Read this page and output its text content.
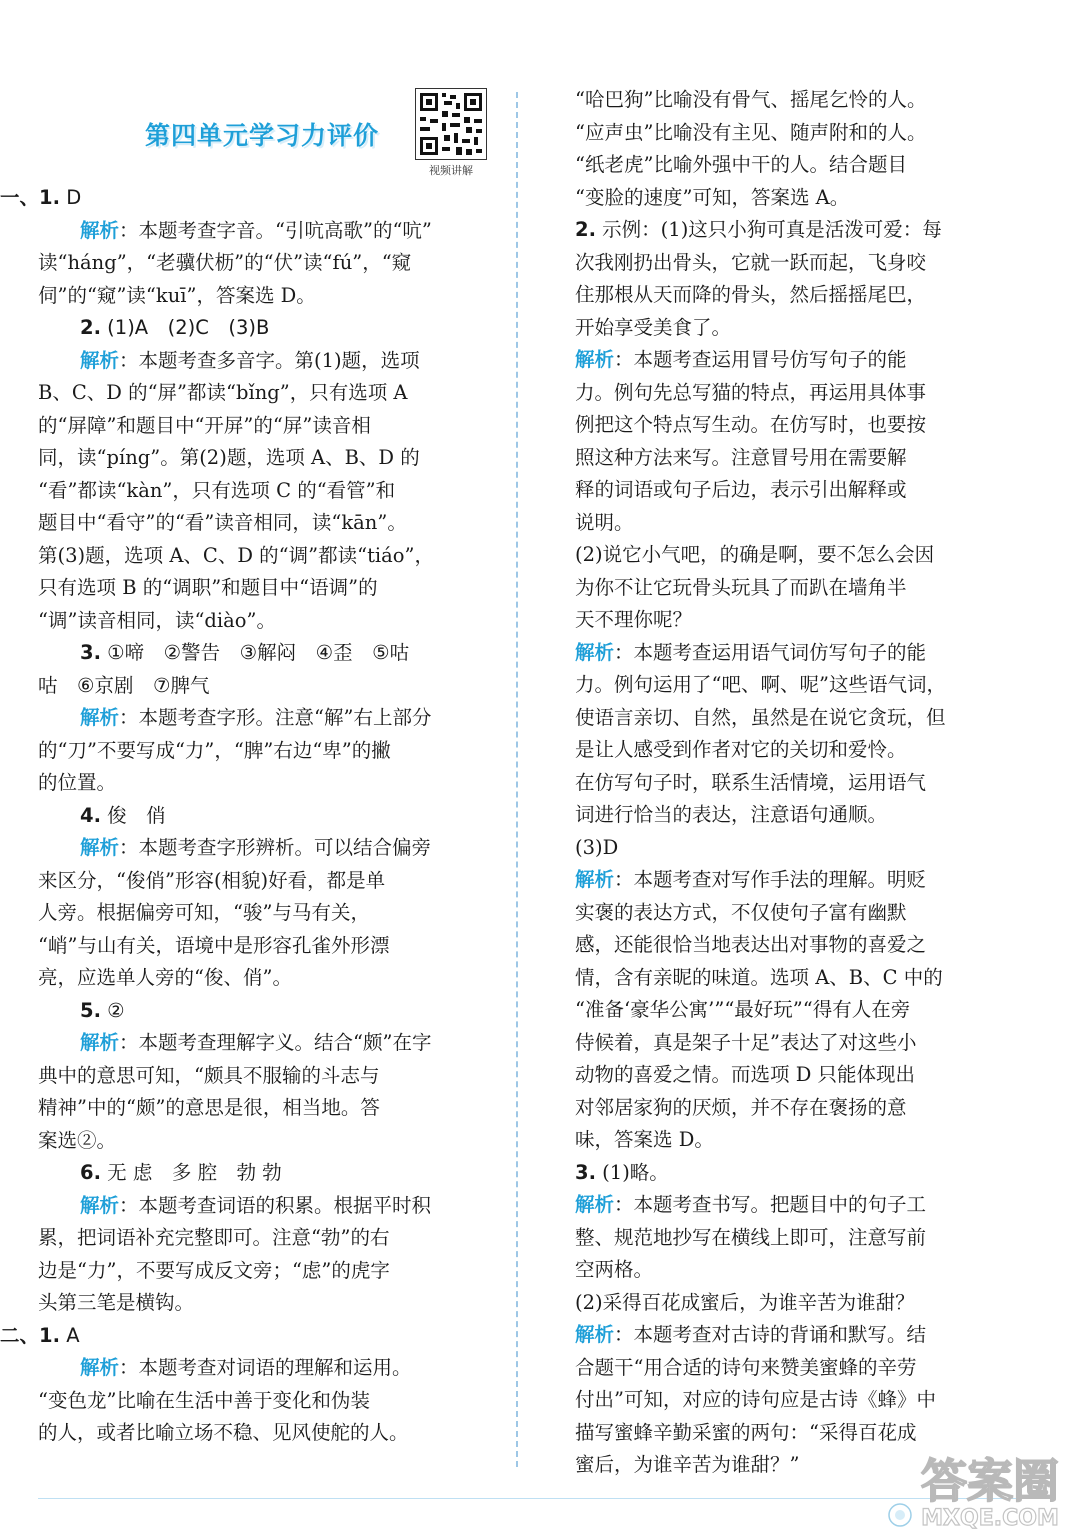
第四单元学习力评价
视频讲解
一、1. D
解析：本题考查字音。“引吭高歌”的“吭”
读“háng”，“老骥伏枥”的“伏”读“fú”，“窥
伺”的“窥”读“kuī”，答案选 D。
2. (1)A　(2)C　(3)B
解析：本题考查多音字。第(1)题，选项
B、C、D 的“屏”都读“bǐng”，只有选项 A
的“屏障”和题目中“开屏”的“屏”读音相
同，读“píng”。第(2)题，选项 A、B、D 的
“看”都读“kàn”，只有选项 C 的“看管”和
题目中“看守”的“看”读音相同，读“kān”。
第(3)题，选项 A、C、D 的“调”都读“tiáo”，
只有选项 B 的“调职”和题目中“语调”的
“调”读音相同，读“diào”。
3. ①啼　②警告　③解闷　④歪　⑤咕
咕　⑥京剧　⑦脾气
解析：本题考查字形。注意“解”右上部分
的“刀”不要写成“力”，“脾”右边“卑”的撇
的位置。
4. 俊　俏
解析：本题考查字形辨析。可以结合偏旁
来区分，“俊俏”形容(相貌)好看，都是单
人旁。根据偏旁可知，“骏”与马有关，
“峭”与山有关，语境中是形容孔雀外形漂
亮，应选单人旁的“俊、俏”。
5. ②
解析：本题考查理解字义。结合“颇”在字
典中的意思可知，“颇具不服输的斗志与
精神”中的“颇”的意思是很，相当地。答
案选②。
6. 无 虑　多 腔　勃 勃
解析：本题考查词语的积累。根据平时积
累，把词语补充完整即可。注意“勃”的右
边是“力”，不要写成反文旁；“虑”的虎字
头第三笔是横钩。
二、1. A
解析：本题考查对词语的理解和运用。
“变色龙”比喻在生活中善于变化和伪装
的人，或者比喻立场不稳、见风使舵的人。
“哈巴狗”比喻没有骨气、摇尾乞怜的人。
“应声虫”比喻没有主见、随声附和的人。
“纸老虎”比喻外强中干的人。结合题目
“变脸的速度”可知，答案选 A。
2. 示例：(1)这只小狗可真是活泼可爱：每
次我刚扔出骨头，它就一跃而起，飞身咬
住那根从天而降的骨头，然后摇摇尾巴，
开始享受美食了。
解析：本题考查运用冒号仿写句子的能
力。例句先总写猫的特点，再运用具体事
例把这个特点写生动。在仿写时，也要按
照这种方法来写。注意冒号用在需要解
释的词语或句子后边，表示引出解释或
说明。
(2)说它小气吧，的确是啊，要不怎么会因
为你不让它玩骨头玩具了而趴在墙角半
天不理你呢？
解析：本题考查运用语气词仿写句子的能
力。例句运用了“吧、啊、呢”这些语气词，
使语言亲切、自然，虽然是在说它贪玩，但
是让人感受到作者对它的关切和爱怜。
在仿写句子时，联系生活情境，运用语气
词进行恰当的表达，注意语句通顺。
(3)D
解析：本题考查对写作手法的理解。明贬
实褒的表达方式，不仅使句子富有幽默
感，还能很恰当地表达出对事物的喜爱之
情，含有亲昵的味道。选项 A、B、C 中的
“准备‘豪华公寓’”“最好玩”“得有人在旁
侍候着，真是架子十足”表达了对这些小
动物的喜爱之情。而选项 D 只能体现出
对邻居家狗的厌烦，并不存在褒扬的意
味，答案选 D。
3. (1)略。
解析：本题考查书写。把题目中的句子工
整、规范地抄写在横线上即可，注意写前
空两格。
(2)采得百花成蜜后，为谁辛苦为谁甜？
解析：本题考查对古诗的背诵和默写。结
合题干“用合适的诗句来赞美蜜蜂的辛劳
付出”可知，对应的诗句应是古诗《蜂》中
描写蜜蜂辛勤采蜜的两句：“采得百花成
蜜后，为谁辛苦为谁甜？”	答案圈
MXQE.COM
